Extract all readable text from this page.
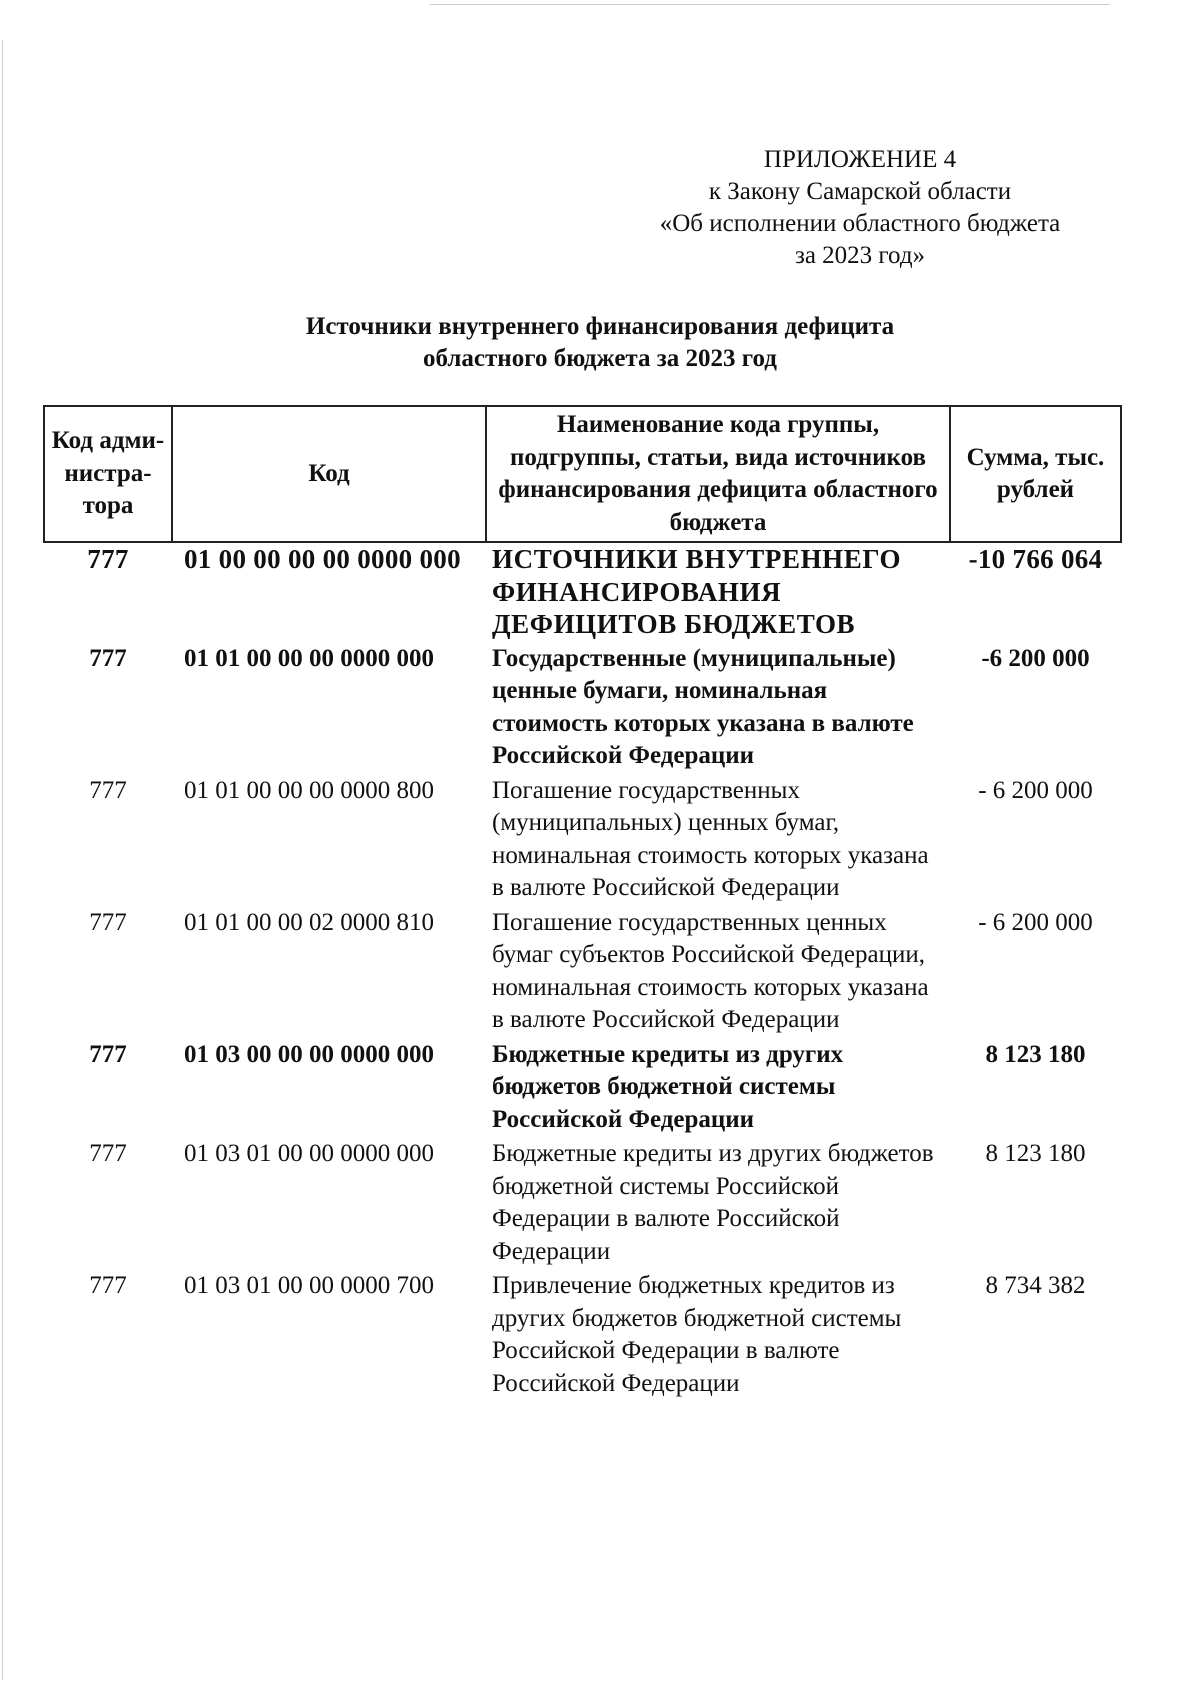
ПРИЛОЖЕНИЕ 4
к Закону Самарской области
«Об исполнении областного бюджета
за 2023 год»
Источники внутреннего финансирования дефицита
областного бюджета за 2023 год
Код адми-нистра-тора	Код	Наименование кода группы, подгруппы, статьи, вида источников финансирования дефицита областного бюджета	Сумма, тыс. рублей
777	01 00 00 00 00 0000 000	ИСТОЧНИКИ ВНУТРЕННЕГО ФИНАНСИРОВАНИЯ ДЕФИЦИТОВ БЮДЖЕТОВ	-10 766 064
777	01 01 00 00 00 0000 000	Государственные (муниципальные) ценные бумаги, номинальная стоимость которых указана в валюте Российской Федерации	-6 200 000
777	01 01 00 00 00 0000 800	Погашение государственных (муниципальных) ценных бумаг, номинальная стоимость которых указана в валюте Российской Федерации	- 6 200 000
777	01 01 00 00 02 0000 810	Погашение государственных ценных бумаг субъектов Российской Федерации, номинальная стоимость которых указана в валюте Российской Федерации	- 6 200 000
777	01 03 00 00 00 0000 000	Бюджетные кредиты из других бюджетов бюджетной системы Российской Федерации	8 123 180
777	01 03 01 00 00 0000 000	Бюджетные кредиты из других бюджетов бюджетной системы Российской Федерации в валюте Российской Федерации	8 123 180
777	01 03 01 00 00 0000 700	Привлечение бюджетных кредитов из других бюджетов бюджетной системы Российской Федерации в валюте Российской Федерации	8 734 382
